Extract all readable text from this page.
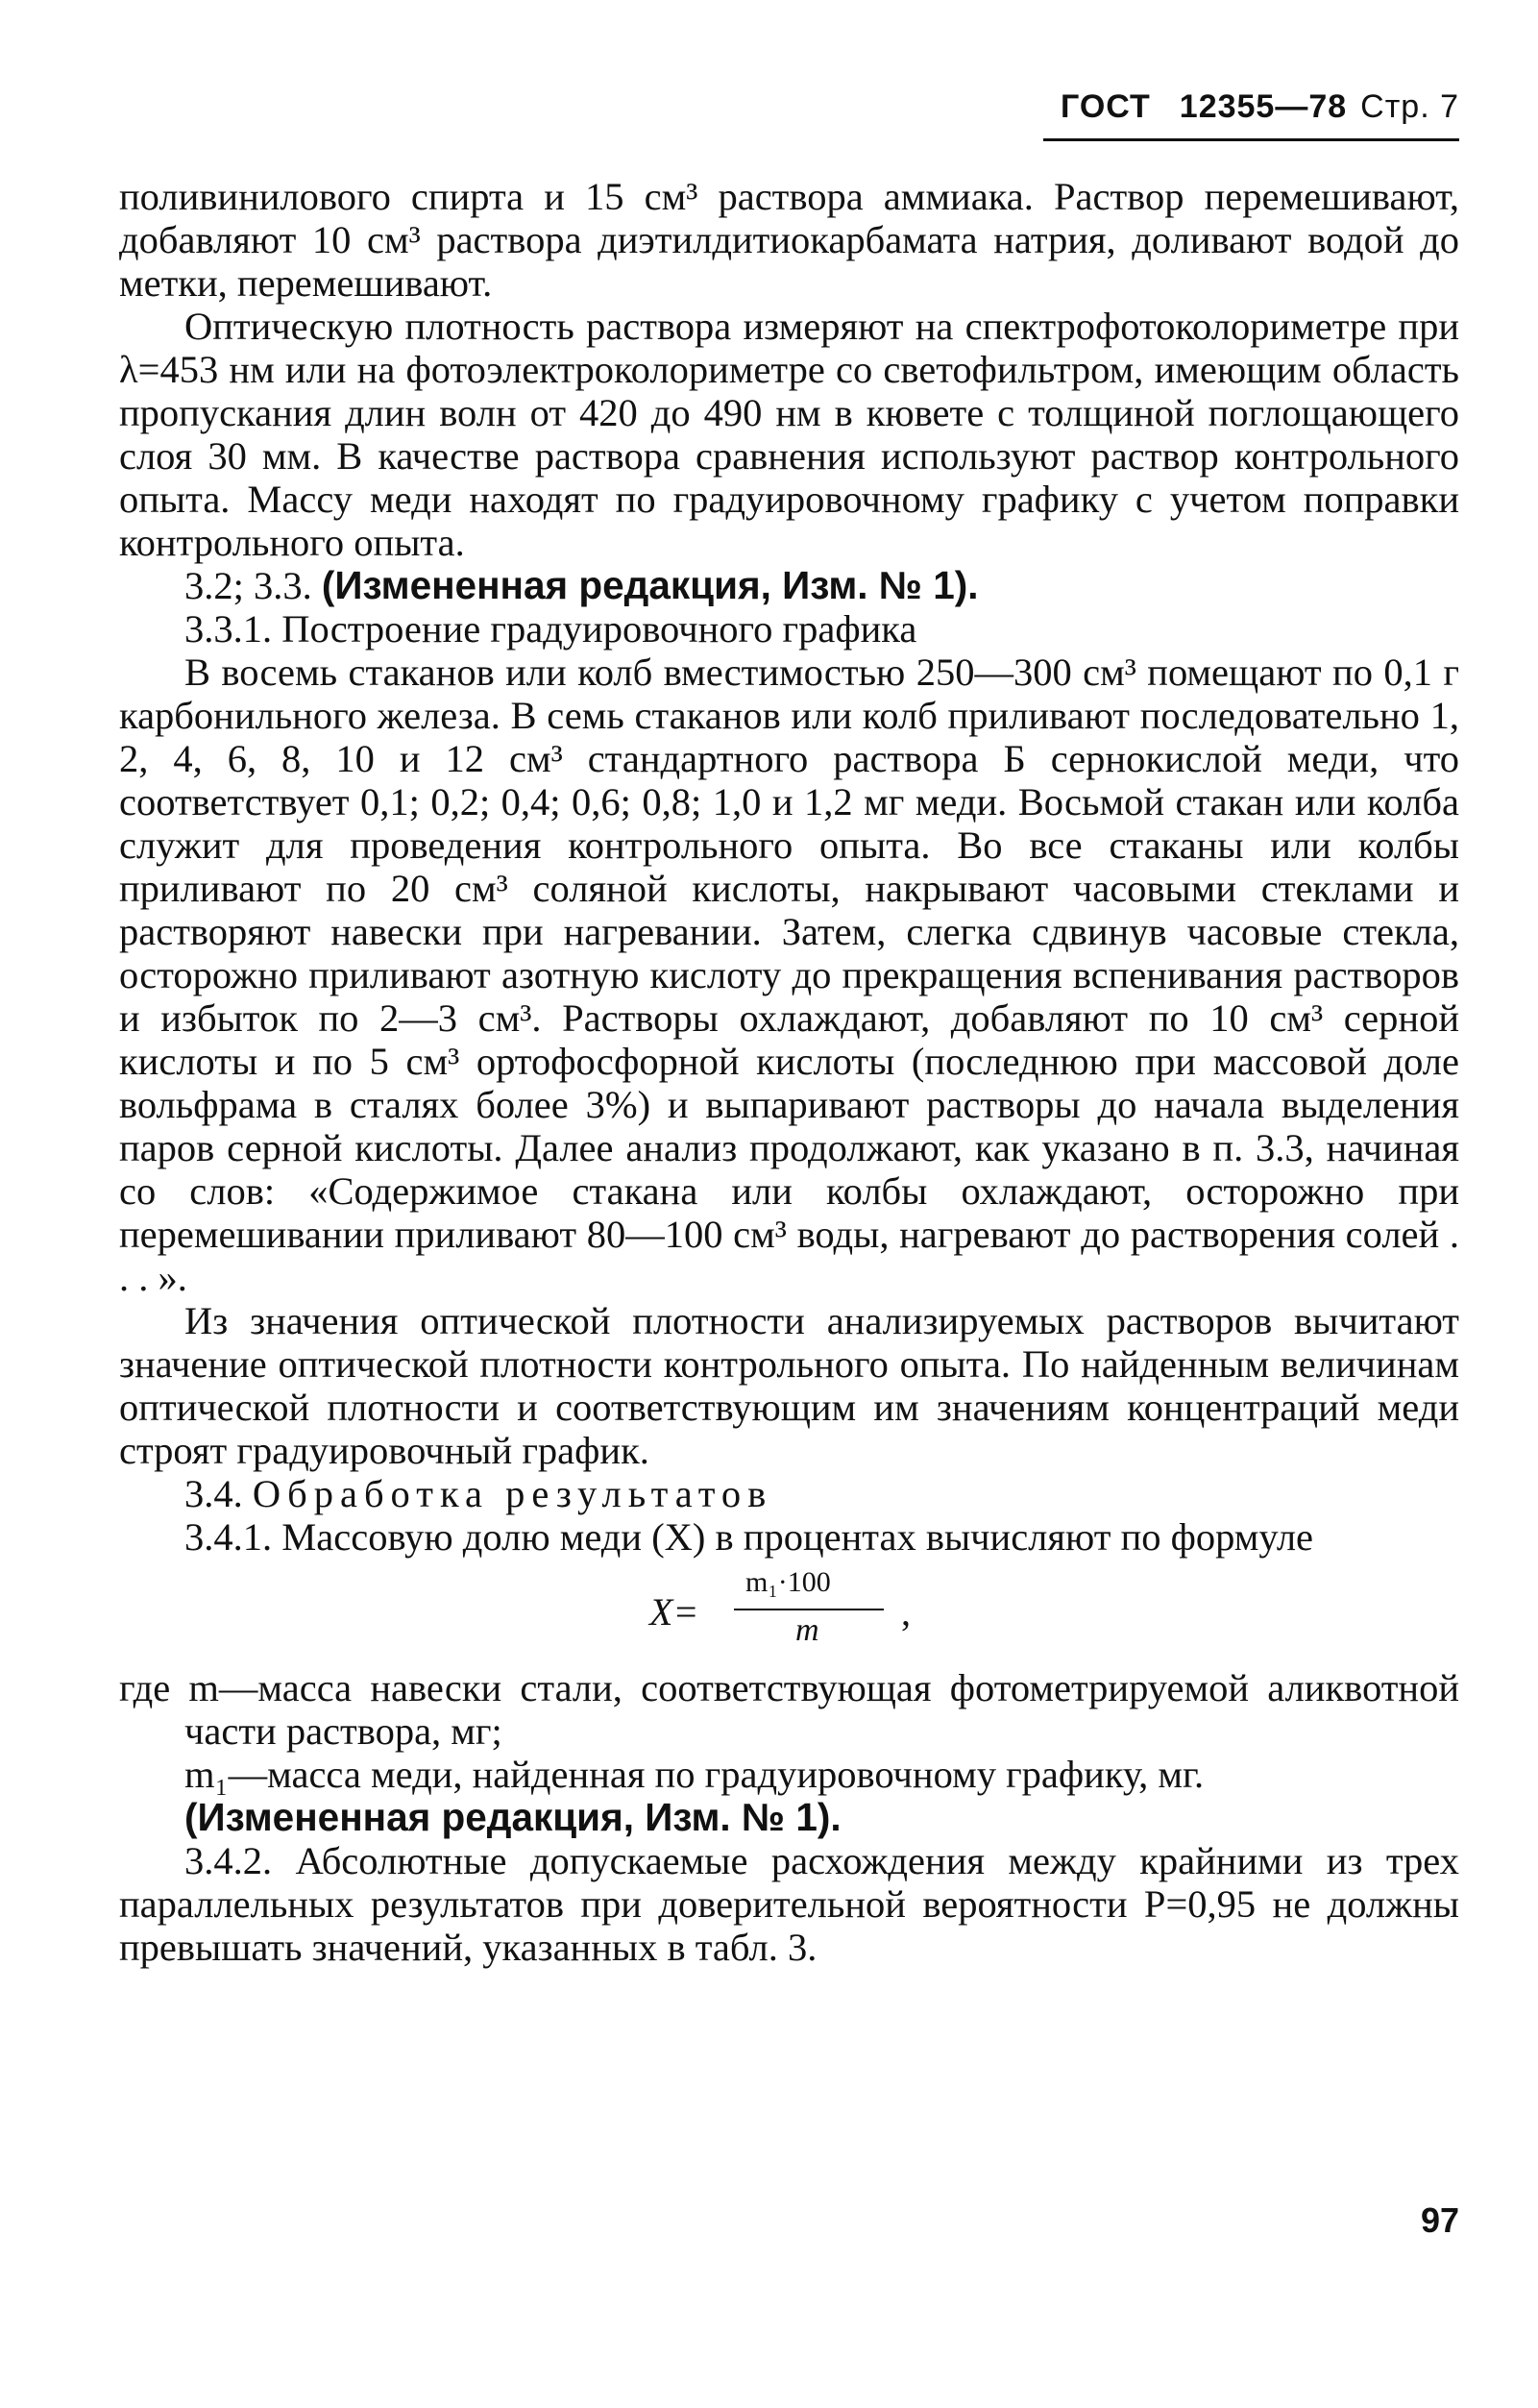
ГОСТ 12355—78 Стр. 7

поливинилового спирта и 15 см³ раствора аммиака. Раствор перемешивают, добавляют 10 см³ раствора диэтилдитиокарбамата натрия, доливают водой до метки, перемешивают.

Оптическую плотность раствора измеряют на спектрофотоколориметре при λ=453 нм или на фотоэлектроколориметре со светофильтром, имеющим область пропускания длин волн от 420 до 490 нм в кювете с толщиной поглощающего слоя 30 мм. В качестве раствора сравнения используют раствор контрольного опыта. Массу меди находят по градуировочному графику с учетом поправки контрольного опыта.

3.2; 3.3. (Измененная редакция, Изм. № 1).

3.3.1. Построение градуировочного графика

В восемь стаканов или колб вместимостью 250—300 см³ помещают по 0,1 г карбонильного железа. В семь стаканов или колб приливают последовательно 1, 2, 4, 6, 8, 10 и 12 см³ стандартного раствора Б сернокислой меди, что соответствует 0,1; 0,2; 0,4; 0,6; 0,8; 1,0 и 1,2 мг меди. Восьмой стакан или колба служит для проведения контрольного опыта. Во все стаканы или колбы приливают по 20 см³ соляной кислоты, накрывают часовыми стеклами и растворяют навески при нагревании. Затем, слегка сдвинув часовые стекла, осторожно приливают азотную кислоту до прекращения вспенивания растворов и избыток по 2—3 см³. Растворы охлаждают, добавляют по 10 см³ серной кислоты и по 5 см³ ортофосфорной кислоты (последнюю при массовой доле вольфрама в сталях более 3%) и выпаривают растворы до начала выделения паров серной кислоты. Далее анализ продолжают, как указано в п. 3.3, начиная со слов: «Содержимое стакана или колбы охлаждают, осторожно при перемешивании приливают 80—100 см³ воды, нагревают до растворения солей . . . ».

Из значения оптической плотности анализируемых растворов вычитают значение оптической плотности контрольного опыта. По найденным величинам оптической плотности и соответствующим им значениям концентраций меди строят градуировочный график.

3.4. Обработка результатов

3.4.1. Массовую долю меди (X) в процентах вычисляют по формуле

где m—масса навески стали, соответствующая фотометрируемой аликвотной части раствора, мг;

m₁—масса меди, найденная по градуировочному графику, мг.

(Измененная редакция, Изм. № 1).

3.4.2. Абсолютные допускаемые расхождения между крайними из трех параллельных результатов при доверительной вероятности P=0,95 не должны превышать значений, указанных в табл. 3.

X=
m₁·100
m ,
97
